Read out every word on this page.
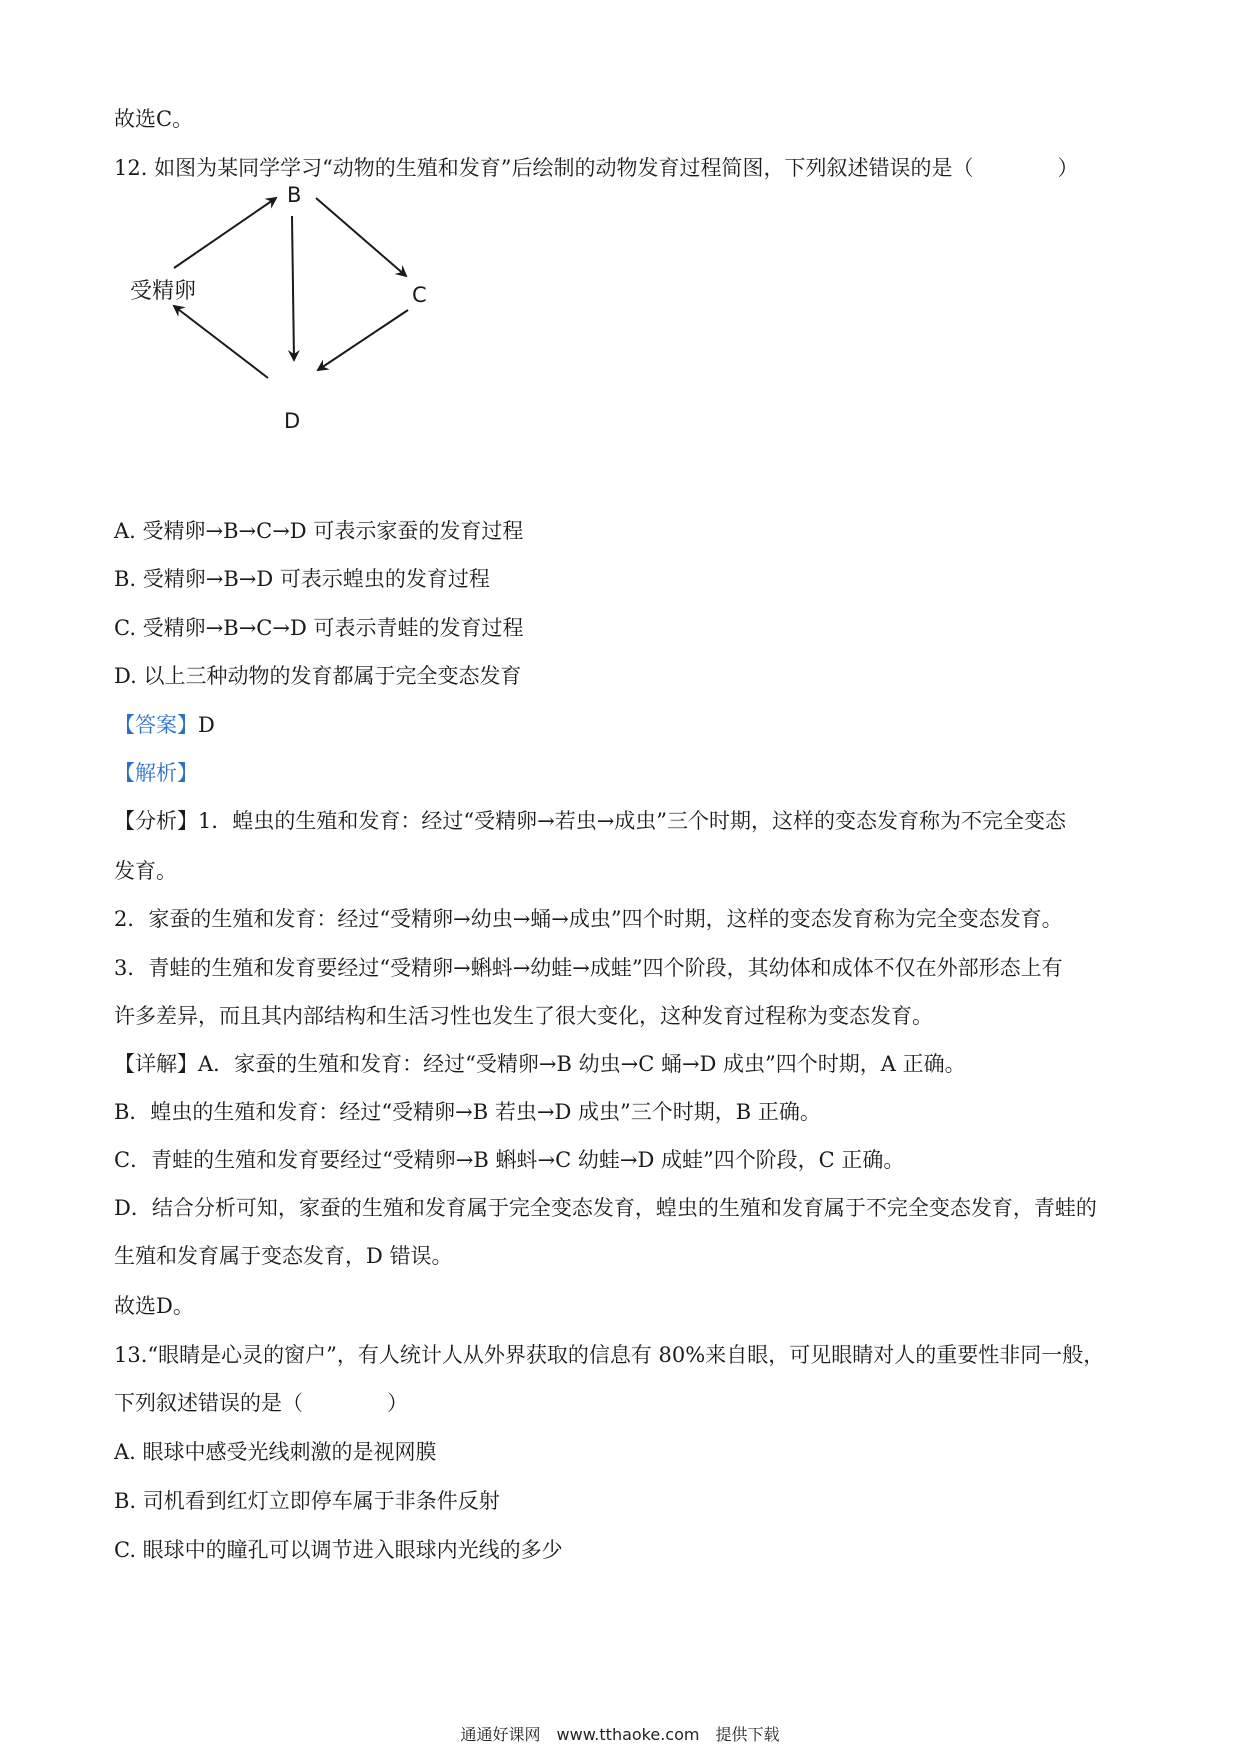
故选C。
12. 如图为某同学学习“动物的生殖和发育”后绘制的动物发育过程简图，下列叙述错误的是（　　　　）
受精卵
B
C
D
A. 受精卵→B→C→D 可表示家蚕的发育过程
B. 受精卵→B→D 可表示蝗虫的发育过程
C. 受精卵→B→C→D 可表示青蛙的发育过程
D. 以上三种动物的发育都属于完全变态发育
【答案】D
【解析】
【分析】1．蝗虫的生殖和发育：经过“受精卵→若虫→成虫”三个时期，这样的变态发育称为不完全变态
发育。
2．家蚕的生殖和发育：经过“受精卵→幼虫→蛹→成虫”四个时期，这样的变态发育称为完全变态发育。
3．青蛙的生殖和发育要经过“受精卵→蝌蚪→幼蛙→成蛙”四个阶段，其幼体和成体不仅在外部形态上有
许多差异，而且其内部结构和生活习性也发生了很大变化，这种发育过程称为变态发育。
【详解】A．家蚕的生殖和发育：经过“受精卵→B 幼虫→C 蛹→D 成虫”四个时期，A 正确。
B．蝗虫的生殖和发育：经过“受精卵→B 若虫→D 成虫”三个时期，B 正确。
C．青蛙的生殖和发育要经过“受精卵→B 蝌蚪→C 幼蛙→D 成蛙”四个阶段，C 正确。
D．结合分析可知，家蚕的生殖和发育属于完全变态发育，蝗虫的生殖和发育属于不完全变态发育，青蛙的
生殖和发育属于变态发育，D 错误。
故选D。
13.“眼睛是心灵的窗户”，有人统计人从外界获取的信息有 80%来自眼，可见眼睛对人的重要性非同一般，
下列叙述错误的是（　　　　）
A. 眼球中感受光线刺激的是视网膜
B. 司机看到红灯立即停车属于非条件反射
C. 眼球中的瞳孔可以调节进入眼球内光线的多少
通通好课网　www.tthaoke.com　提供下载
